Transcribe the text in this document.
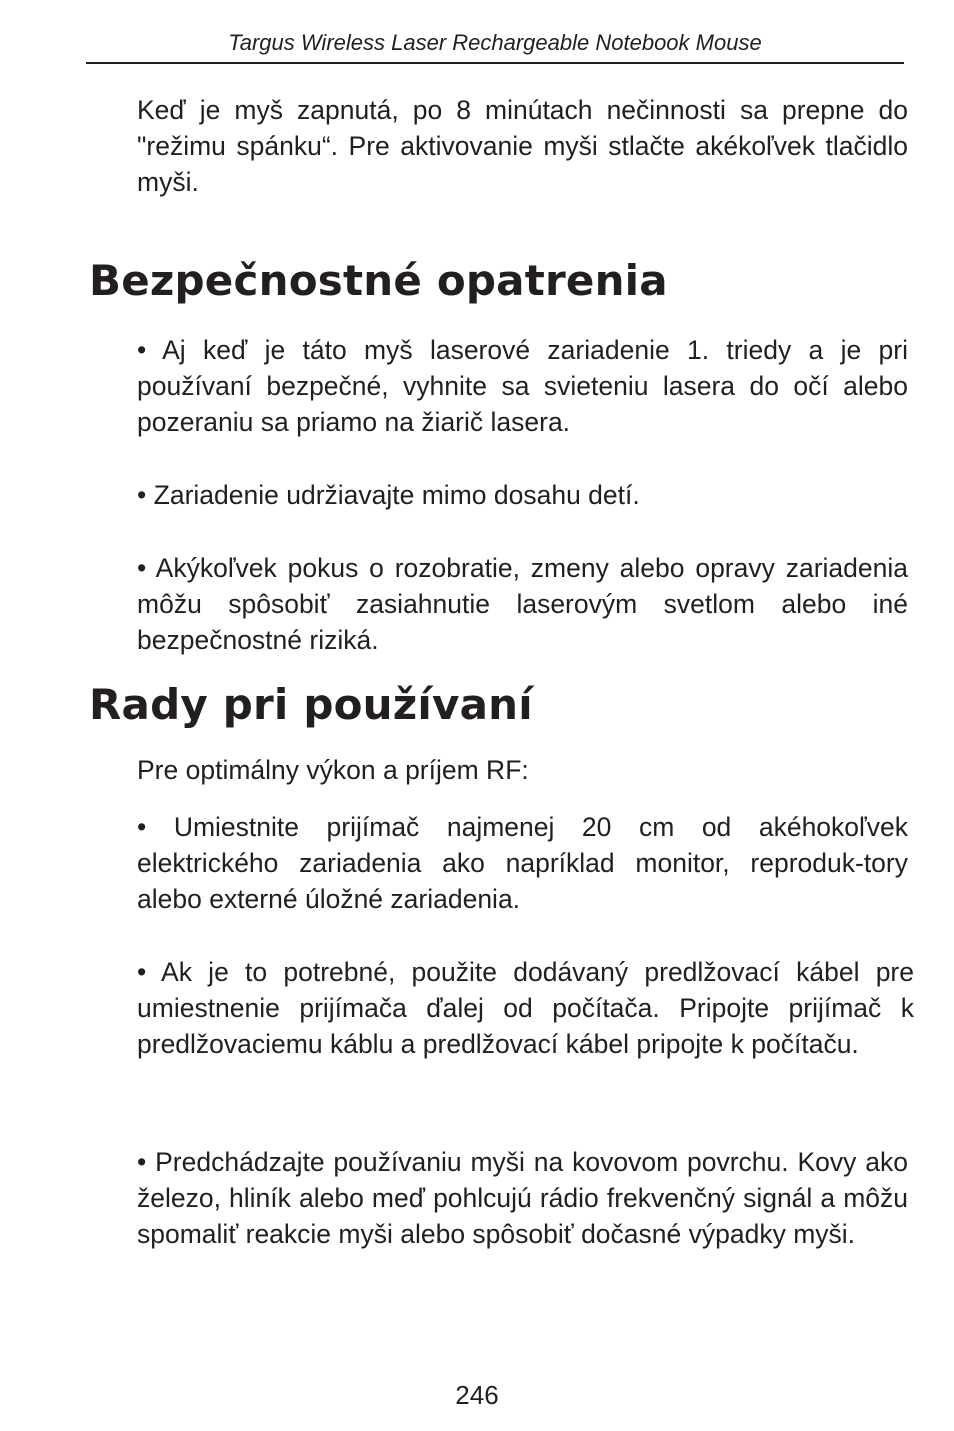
Targus Wireless Laser Rechargeable Notebook Mouse

Keď je myš zapnutá, po 8 minútach nečinnosti sa prepne do "režimu spánku“. Pre aktivovanie myši stlačte akékoľvek tlačidlo myši.

Bezpečnostné opatrenia

• Aj keď je táto myš laserové zariadenie 1. triedy a je pri používaní bezpečné, vyhnite sa svieteniu lasera do očí alebo pozeraniu sa priamo na žiarič lasera.

• Zariadenie udržiavajte mimo dosahu detí.

• Akýkoľvek pokus o rozobratie, zmeny alebo opravy zariadenia môžu spôsobiť zasiahnutie laserovým svetlom alebo iné bezpečnostné riziká.

Rady pri používaní

Pre optimálny výkon a príjem RF:

• Umiestnite prijímač najmenej 20 cm od akéhokoľvek elektrického zariadenia ako napríklad monitor, reproduk-tory alebo externé úložné zariadenia.

• Ak je to potrebné, použite dodávaný predlžovací kábel pre umiestnenie prijímača ďalej od počítača. Pripojte prijímač k predlžovaciemu káblu a predlžovací kábel pripojte k počítaču.

• Predchádzajte používaniu myši na kovovom povrchu. Kovy ako železo, hliník alebo meď pohlcujú rádio frekvenčný signál a môžu spomaliť reakcie myši alebo spôsobiť dočasné výpadky myši.

246
